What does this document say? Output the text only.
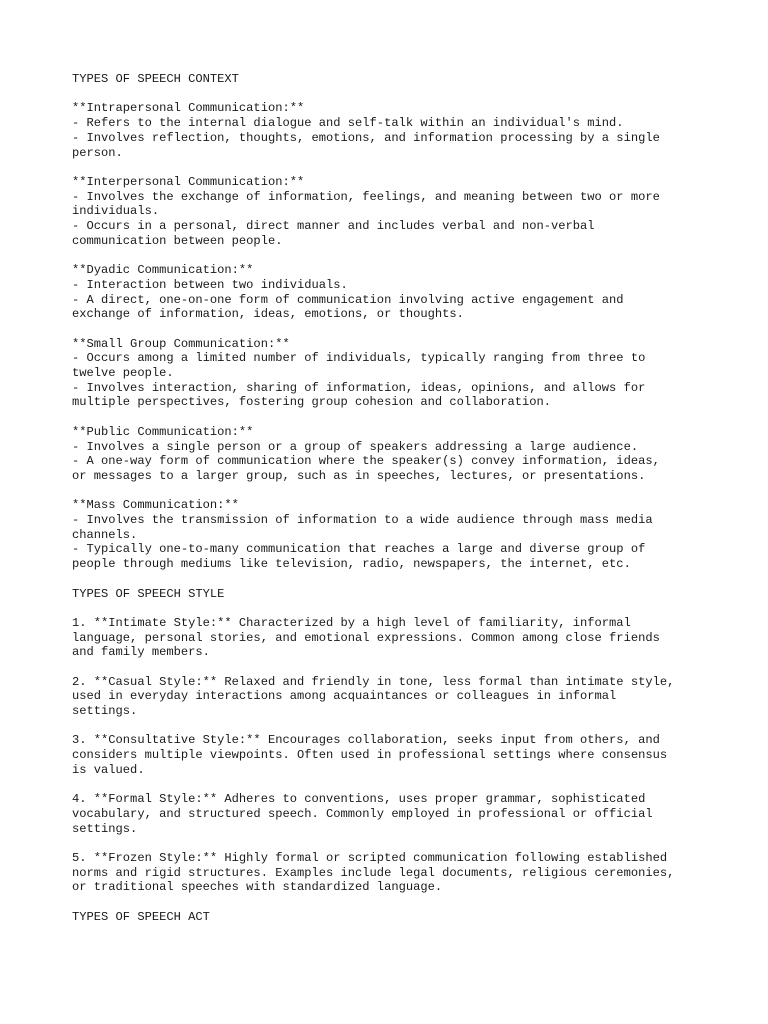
TYPES OF SPEECH CONTEXT
**Intrapersonal Communication:**
- Refers to the internal dialogue and self-talk within an individual's mind.
- Involves reflection, thoughts, emotions, and information processing by a single
person.
**Interpersonal Communication:**
- Involves the exchange of information, feelings, and meaning between two or more
individuals.
- Occurs in a personal, direct manner and includes verbal and non-verbal
communication between people.
**Dyadic Communication:**
- Interaction between two individuals.
- A direct, one-on-one form of communication involving active engagement and
exchange of information, ideas, emotions, or thoughts.
**Small Group Communication:**
- Occurs among a limited number of individuals, typically ranging from three to
twelve people.
- Involves interaction, sharing of information, ideas, opinions, and allows for
multiple perspectives, fostering group cohesion and collaboration.
**Public Communication:**
- Involves a single person or a group of speakers addressing a large audience.
- A one-way form of communication where the speaker(s) convey information, ideas,
or messages to a larger group, such as in speeches, lectures, or presentations.
**Mass Communication:**
- Involves the transmission of information to a wide audience through mass media
channels.
- Typically one-to-many communication that reaches a large and diverse group of
people through mediums like television, radio, newspapers, the internet, etc.
TYPES OF SPEECH STYLE
1. **Intimate Style:** Characterized by a high level of familiarity, informal
language, personal stories, and emotional expressions. Common among close friends
and family members.
2. **Casual Style:** Relaxed and friendly in tone, less formal than intimate style,
used in everyday interactions among acquaintances or colleagues in informal
settings.
3. **Consultative Style:** Encourages collaboration, seeks input from others, and
considers multiple viewpoints. Often used in professional settings where consensus
is valued.
4. **Formal Style:** Adheres to conventions, uses proper grammar, sophisticated
vocabulary, and structured speech. Commonly employed in professional or official
settings.
5. **Frozen Style:** Highly formal or scripted communication following established
norms and rigid structures. Examples include legal documents, religious ceremonies,
or traditional speeches with standardized language.
TYPES OF SPEECH ACT
